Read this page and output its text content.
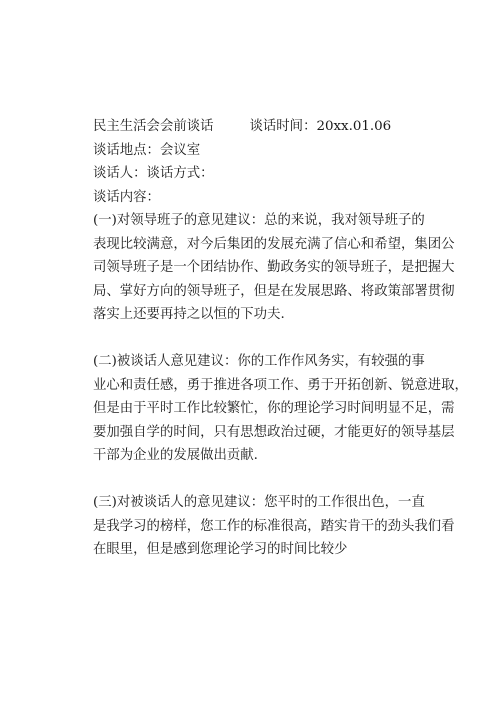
民主生活会会前谈话	谈话时间：20xx.01.06
谈话地点：会议室
谈话人：谈话方式：
谈话内容：
(一)对领导班子的意见建议：总的来说，我对领导班子的
表现比较满意，对今后集团的发展充满了信心和希望，集团公
司领导班子是一个团结协作、勤政务实的领导班子，是把握大
局、掌好方向的领导班子，但是在发展思路、将政策部署贯彻
落实上还要再持之以恒的下功夫.
(二)被谈话人意见建议：你的工作作风务实，有较强的事
业心和责任感，勇于推进各项工作、勇于开拓创新、锐意进取，
但是由于平时工作比较繁忙，你的理论学习时间明显不足，需
要加强自学的时间，只有思想政治过硬，才能更好的领导基层
干部为企业的发展做出贡献.
(三)对被谈话人的意见建议：您平时的工作很出色，一直
是我学习的榜样，您工作的标准很高，踏实肯干的劲头我们看
在眼里，但是感到您理论学习的时间比较少
